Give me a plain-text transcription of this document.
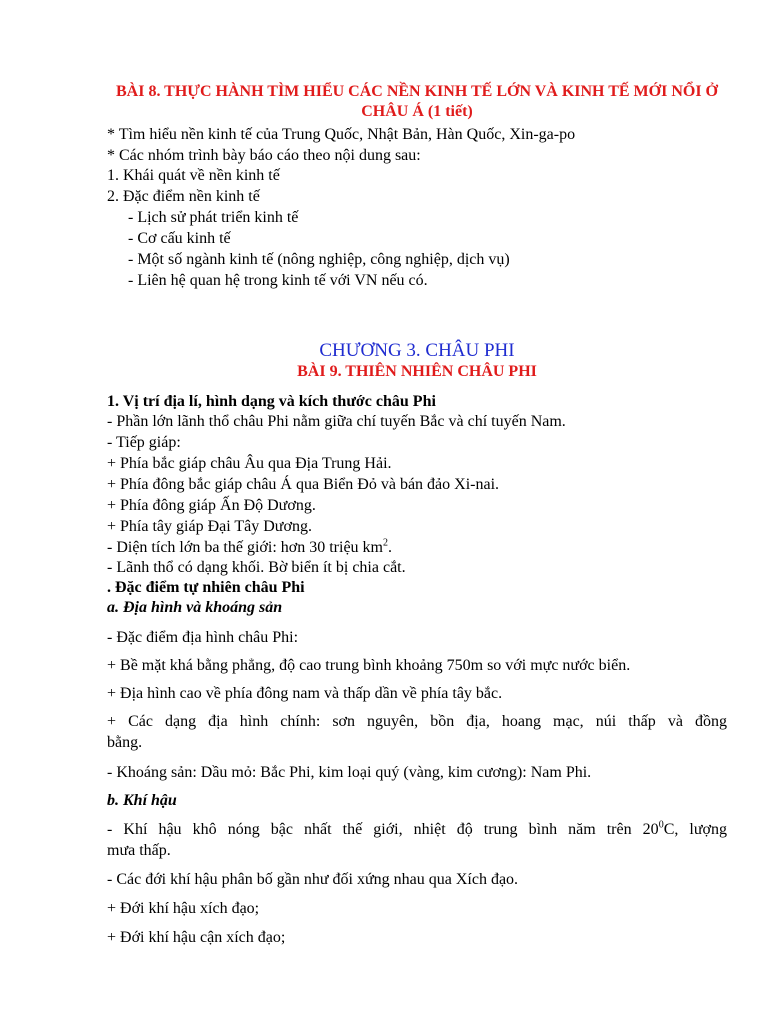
BÀI 8. THỰC HÀNH TÌM HIỂU CÁC NỀN KINH TẾ LỚN VÀ KINH TẾ MỚI NỔI Ở CHÂU Á (1 tiết)
* Tìm hiểu nền kinh tế của Trung Quốc, Nhật Bản, Hàn Quốc, Xin-ga-po
* Các nhóm trình bày báo cáo theo nội dung sau:
1. Khái quát về nền kinh tế
2. Đặc điểm nền kinh tế
- Lịch sử phát triển kinh tế
- Cơ cấu kinh tế
- Một số ngành kinh tế (nông nghiệp, công nghiệp, dịch vụ)
- Liên hệ quan hệ trong kinh tế với VN nếu có.
CHƯƠNG 3. CHÂU PHI
BÀI 9. THIÊN NHIÊN CHÂU PHI
1. Vị trí địa lí, hình dạng và kích thước châu Phi
- Phần lớn lãnh thổ châu Phi nằm giữa chí tuyến Bắc và chí tuyến Nam.
- Tiếp giáp:
+ Phía bắc giáp châu Âu qua Địa Trung Hải.
+ Phía đông bắc giáp châu Á qua Biển Đỏ và bán đảo Xi-nai.
+ Phía đông giáp Ấn Độ Dương.
+ Phía tây giáp Đại Tây Dương.
- Diện tích lớn ba thế giới: hơn 30 triệu $km^2$.
- Lãnh thổ có dạng khối. Bờ biển ít bị chia cắt.
. Đặc điểm tự nhiên châu Phi
a. Địa hình và khoáng sản
- Đặc điểm địa hình châu Phi:
+ Bề mặt khá bằng phẳng, độ cao trung bình khoảng 750m so với mực nước biển.
+ Địa hình cao về phía đông nam và thấp dần về phía tây bắc.
+ Các dạng địa hình chính: sơn nguyên, bồn địa, hoang mạc, núi thấp và đồng
bằng.
- Khoáng sản: Dầu mỏ: Bắc Phi, kim loại quý (vàng, kim cương): Nam Phi.
b. Khí hậu
- Khí hậu khô nóng bậc nhất thế giới, nhiệt độ trung bình năm trên $20^0C$, lượng
mưa thấp.
- Các đới khí hậu phân bố gần như đối xứng nhau qua Xích đạo.
+ Đới khí hậu xích đạo;
+ Đới khí hậu cận xích đạo;
